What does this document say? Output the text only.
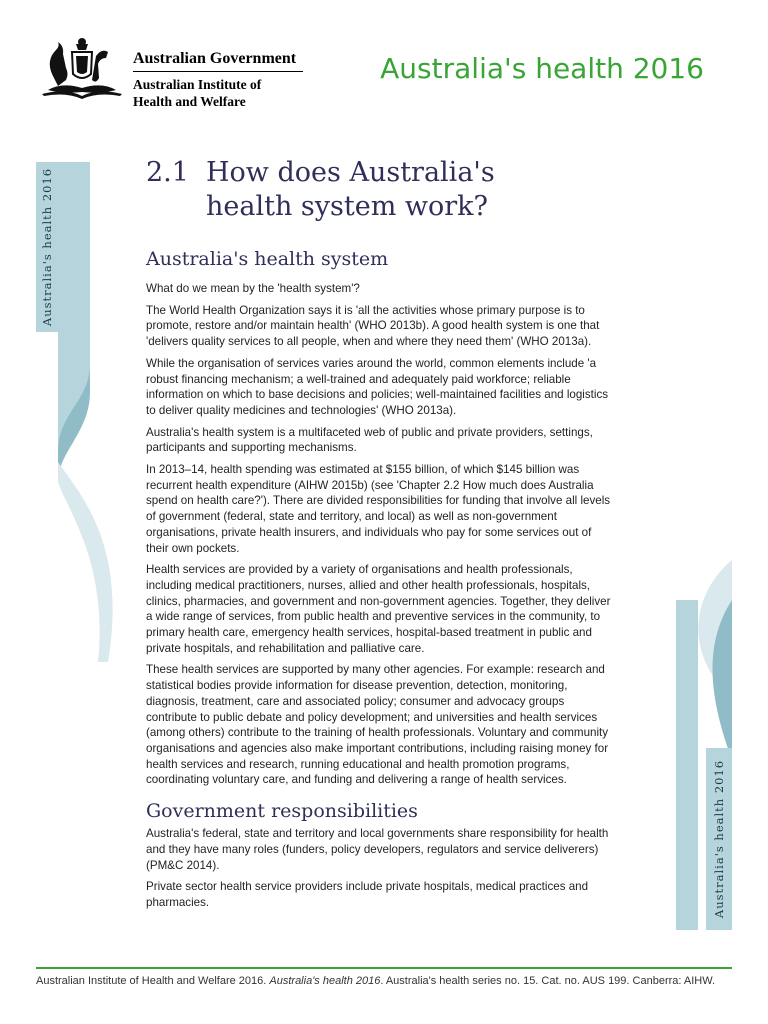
Australian Government
Australian Institute of
Health and Welfare
Australia's health 2016
Australia's health 2016
Australia's health 2016
2.1 How does Australia's
health system work?
Australia's health system

What do we mean by the 'health system'?

The World Health Organization says it is 'all the activities whose primary purpose is to promote, restore and/or maintain health' (WHO 2013b). A good health system is one that 'delivers quality services to all people, when and where they need them' (WHO 2013a).

While the organisation of services varies around the world, common elements include 'a robust financing mechanism; a well-trained and adequately paid workforce; reliable information on which to base decisions and policies; well-maintained facilities and logistics to deliver quality medicines and technologies' (WHO 2013a).

Australia's health system is a multifaceted web of public and private providers, settings, participants and supporting mechanisms.

In 2013–14, health spending was estimated at $155 billion, of which $145 billion was recurrent health expenditure (AIHW 2015b) (see 'Chapter 2.2 How much does Australia spend on health care?'). There are divided responsibilities for funding that involve all levels of government (federal, state and territory, and local) as well as non-government organisations, private health insurers, and individuals who pay for some services out of their own pockets.

Health services are provided by a variety of organisations and health professionals, including medical practitioners, nurses, allied and other health professionals, hospitals, clinics, pharmacies, and government and non-government agencies. Together, they deliver a wide range of services, from public health and preventive services in the community, to primary health care, emergency health services, hospital-based treatment in public and private hospitals, and rehabilitation and palliative care.

These health services are supported by many other agencies. For example: research and statistical bodies provide information for disease prevention, detection, monitoring, diagnosis, treatment, care and associated policy; consumer and advocacy groups contribute to public debate and policy development; and universities and health services (among others) contribute to the training of health professionals. Voluntary and community organisations and agencies also make important contributions, including raising money for health services and research, running educational and health promotion programs, coordinating voluntary care, and funding and delivering a range of health services.

Government responsibilities

Australia's federal, state and territory and local governments share responsibility for health and they have many roles (funders, policy developers, regulators and service deliverers) (PM&C 2014).

Private sector health service providers include private hospitals, medical practices and pharmacies.

Australian Institute of Health and Welfare 2016. Australia's health 2016. Australia's health series no. 15. Cat. no. AUS 199. Canberra: AIHW.
